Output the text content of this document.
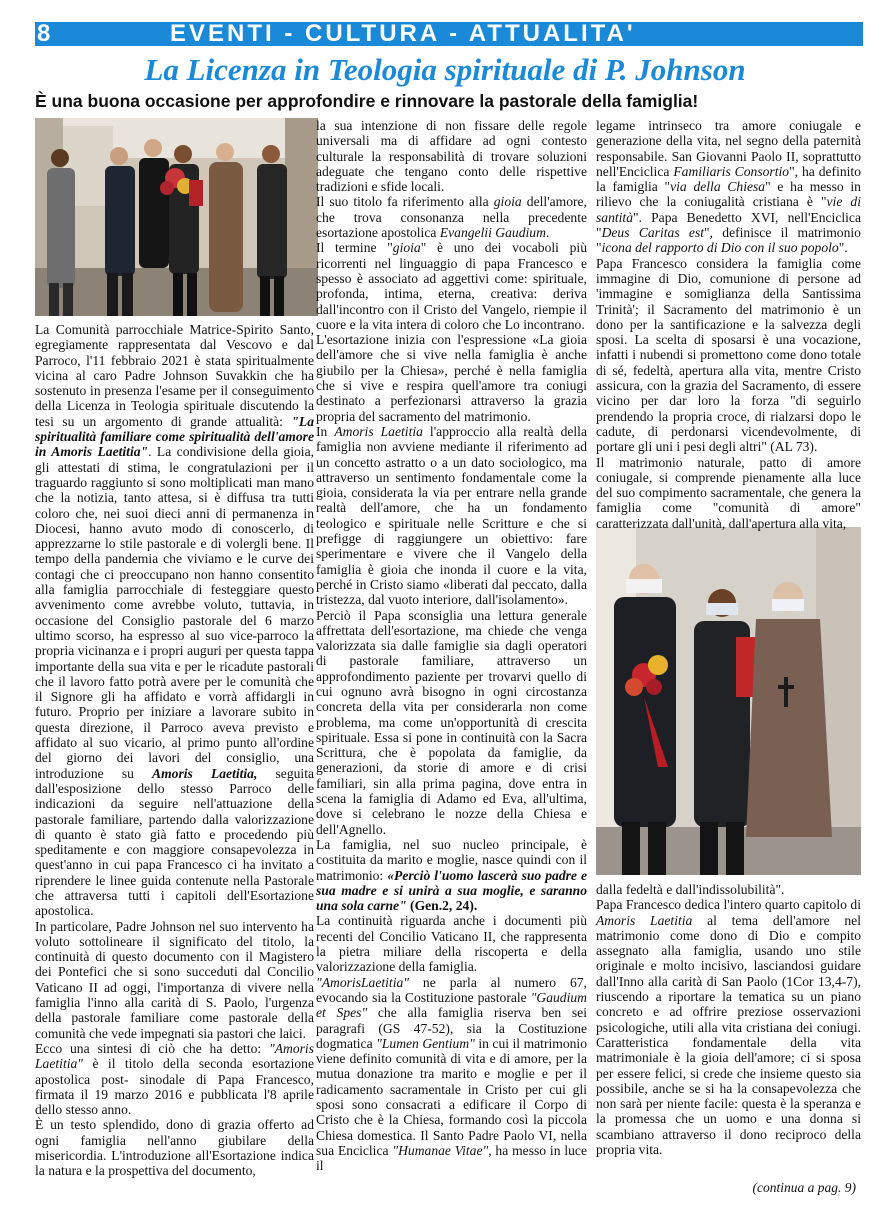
8	EVENTI - CULTURA - ATTUALITA'
La Licenza in Teologia spirituale di P. Johnson
È una buona occasione per approfondire e rinnovare la pastorale della famiglia!

La Comunità parrocchiale Matrice-Spirito Santo, egregiamente rappresentata dal Vescovo e dal Parroco, l'11 febbraio 2021 è stata spiritualmente vicina al caro Padre Johnson Suvakkin che ha sostenuto in presenza l'esame per il conseguimento della Licenza in Teologia spirituale discutendo la tesi su un argomento di grande attualità: "La spiritualità familiare come spiritualità dell'amore in Amoris Laetitia". La condivisione della gioia, gli attestati di stima, le congratulazioni per il traguardo raggiunto si sono moltiplicati man mano che la notizia, tanto attesa, si è diffusa tra tutti coloro che, nei suoi dieci anni di permanenza in Diocesi, hanno avuto modo di conoscerlo, di apprezzarne lo stile pastorale e di volergli bene. Il tempo della pandemia che viviamo e le curve dei contagi che ci preoccupano non hanno consentito alla famiglia parrocchiale di festeggiare questo avvenimento come avrebbe voluto, tuttavia, in occasione del Consiglio pastorale del 6 marzo ultimo scorso, ha espresso al suo vice-parroco la propria vicinanza e i propri auguri per questa tappa importante della sua vita e per le ricadute pastorali che il lavoro fatto potrà avere per le comunità che il Signore gli ha affidato e vorrà affidargli in futuro. Proprio per iniziare a lavorare subito in questa direzione, il Parroco aveva previsto e affidato al suo vicario, al primo punto all'ordine del giorno dei lavori del consiglio, una introduzione su Amoris Laetitia, seguita dall'esposizione dello stesso Parroco delle indicazioni da seguire nell'attuazione della pastorale familiare, partendo dalla valorizzazione di quanto è stato già fatto e procedendo più speditamente e con maggiore consapevolezza in quest'anno in cui papa Francesco ci ha invitato a riprendere le linee guida contenute nella Pastorale che attraversa tutti i capitoli dell'Esortazione apostolica.

In particolare, Padre Johnson nel suo intervento ha voluto sottolineare il significato del titolo, la continuità di questo documento con il Magistero dei Pontefici che si sono succeduti dal Concilio Vaticano II ad oggi, l'importanza di vivere nella famiglia l'inno alla carità di S. Paolo, l'urgenza della pastorale familiare come pastorale della comunità che vede impegnati sia pastori che laici.

Ecco una sintesi di ciò che ha detto: "Amoris Laetitia" è il titolo della seconda esortazione apostolica post- sinodale di Papa Francesco, firmata il 19 marzo 2016 e pubblicata l'8 aprile dello stesso anno.

È un testo splendido, dono di grazia offerto ad ogni famiglia nell'anno giubilare della misericordia. L'introduzione all'Esortazione indica la natura e la prospettiva del documento,

la sua intenzione di non fissare delle regole universali ma di affidare ad ogni contesto culturale la responsabilità di trovare soluzioni adeguate che tengano conto delle rispettive tradizioni e sfide locali.

Il suo titolo fa riferimento alla gioia dell'amore, che trova consonanza nella precedente esortazione apostolica Evangelii Gaudium.

Il termine "gioia" è uno dei vocaboli più ricorrenti nel linguaggio di papa Francesco e spesso è associato ad aggettivi come: spirituale, profonda, intima, eterna, creativa: deriva dall'incontro con il Cristo del Vangelo, riempie il cuore e la vita intera di coloro che Lo incontrano.

L'esortazione inizia con l'espressione «La gioia dell'amore che si vive nella famiglia è anche giubilo per la Chiesa», perché è nella famiglia che si vive e respira quell'amore tra coniugi destinato a perfezionarsi attraverso la grazia propria del sacramento del matrimonio.

In Amoris Laetitia l'approccio alla realtà della famiglia non avviene mediante il riferimento ad un concetto astratto o a un dato sociologico, ma attraverso un sentimento fondamentale come la gioia, considerata la via per entrare nella grande realtà dell'amore, che ha un fondamento teologico e spirituale nelle Scritture e che si prefigge di raggiungere un obiettivo: fare sperimentare e vivere che il Vangelo della famiglia è gioia che inonda il cuore e la vita, perché in Cristo siamo «liberati dal peccato, dalla tristezza, dal vuoto interiore, dall'isolamento».

Perciò il Papa sconsiglia una lettura generale affrettata dell'esortazione, ma chiede che venga valorizzata sia dalle famiglie sia dagli operatori di pastorale familiare, attraverso un approfondimento paziente per trovarvi quello di cui ognuno avrà bisogno in ogni circostanza concreta della vita per considerarla non come problema, ma come un'opportunità di crescita spirituale. Essa si pone in continuità con la Sacra Scrittura, che è popolata da famiglie, da generazioni, da storie di amore e di crisi familiari, sin alla prima pagina, dove entra in scena la famiglia di Adamo ed Eva, all'ultima, dove si celebrano le nozze della Chiesa e dell'Agnello.

La famiglia, nel suo nucleo principale, è costituita da marito e moglie, nasce quindi con il matrimonio: «Perciò l'uomo lascerà suo padre e sua madre e si unirà a sua moglie, e saranno una sola carne" (Gen.2, 24).

La continuità riguarda anche i documenti più recenti del Concilio Vaticano II, che rappresenta la pietra miliare della riscoperta e della valorizzazione della famiglia.

"AmorisLaetitia" ne parla al numero 67, evocando sia la Costituzione pastorale "Gaudium et Spes" che alla famiglia riserva ben sei paragrafi (GS 47-52), sia la Costituzione dogmatica "Lumen Gentium" in cui il matrimonio viene definito comunità di vita e di amore, per la mutua donazione tra marito e moglie e per il radicamento sacramentale in Cristo per cui gli sposi sono consacrati a edificare il Corpo di Cristo che è la Chiesa, formando così la piccola Chiesa domestica. Il Santo Padre Paolo VI, nella sua Enciclica "Humanae Vitae", ha messo in luce il

legame intrinseco tra amore coniugale e generazione della vita, nel segno della paternità responsabile. San Giovanni Paolo II, soprattutto nell'Enciclica Familiaris Consortio", ha definito la famiglia "via della Chiesa" e ha messo in rilievo che la coniugalità cristiana è "vie di santità". Papa Benedetto XVI, nell'Enciclica "Deus Caritas est", definisce il matrimonio "icona del rapporto di Dio con il suo popolo".

Papa Francesco considera la famiglia come immagine di Dio, comunione di persone ad 'immagine e somiglianza della Santissima Trinità'; il Sacramento del matrimonio è un dono per la santificazione e la salvezza degli sposi. La scelta di sposarsi è una vocazione, infatti i nubendi si promettono come dono totale di sé, fedeltà, apertura alla vita, mentre Cristo assicura, con la grazia del Sacramento, di essere vicino per dar loro la forza "di seguirlo prendendo la propria croce, di rialzarsi dopo le cadute, di perdonarsi vicendevolmente, di portare gli uni i pesi degli altri" (AL 73).

Il matrimonio naturale, patto di amore coniugale, si comprende pienamente alla luce del suo compimento sacramentale, che genera la famiglia come "comunità di amore" caratterizzata dall'unità, dall'apertura alla vita,

dalla fedeltà e dall'indissolubilità".

Papa Francesco dedica l'intero quarto capitolo di Amoris Laetitia al tema dell'amore nel matrimonio come dono di Dio e compito assegnato alla famiglia, usando uno stile originale e molto incisivo, lasciandosi guidare dall'Inno alla carità di San Paolo (1Cor 13,4-7), riuscendo a riportare la tematica su un piano concreto e ad offrire preziose osservazioni psicologiche, utili alla vita cristiana dei coniugi. Caratteristica fondamentale della vita matrimoniale è la gioia dell'amore; ci si sposa per essere felici, si crede che insieme questo sia possibile, anche se si ha la consapevolezza che non sarà per niente facile: questa è la speranza e la promessa che un uomo e una donna si scambiano attraverso il dono reciproco della propria vita.

(continua a pag. 9)
